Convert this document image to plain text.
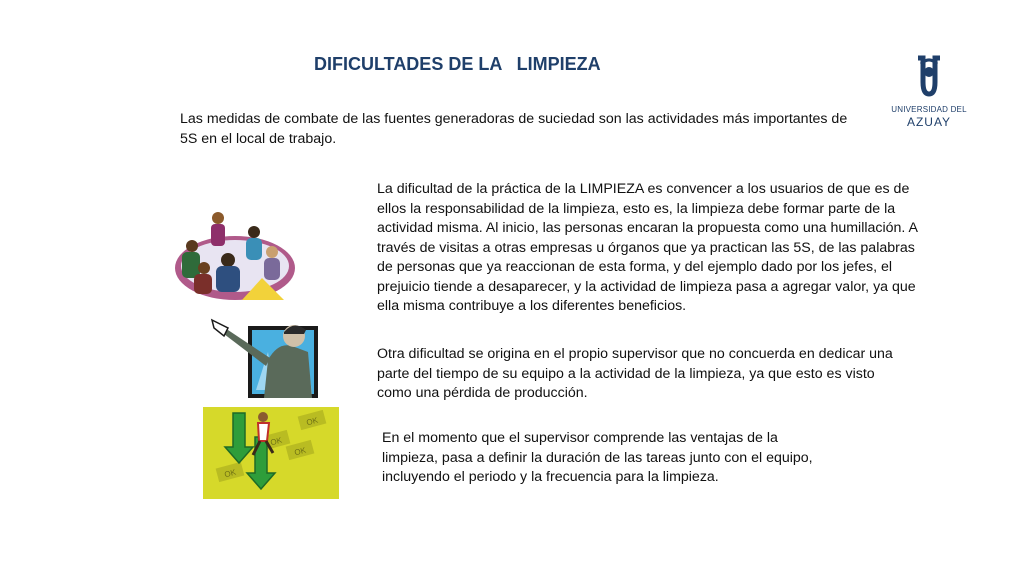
DIFICULTADES DE LA   LIMPIEZA
UNIVERSIDAD DEL
AZUAY

Las medidas de combate de las fuentes generadoras de suciedad son las actividades más importantes de 5S en el local de trabajo.

La dificultad de la práctica de la LIMPIEZA es convencer a los usuarios de que es de ellos la responsabilidad de la limpieza, esto es, la limpieza debe formar parte de la actividad misma. Al inicio, las personas encaran la propuesta como una humillación. A través de visitas a otras empresas u órganos que ya practican las 5S, de las palabras de personas que ya reaccionan de esta forma, y del ejemplo dado por los jefes, el prejuicio tiende a desaparecer, y la actividad de limpieza pasa a agregar valor, ya que ella misma contribuye a los diferentes beneficios.

Otra dificultad se origina en el propio supervisor que no concuerda en dedicar una parte del tiempo de su equipo a la actividad de la limpieza, ya que esto es visto como una pérdida de producción.

En el momento que el supervisor comprende las ventajas de la limpieza, pasa a definir la duración de las tareas junto con el equipo, incluyendo el periodo y la frecuencia para la limpieza.

OK
OK
OK
OK
